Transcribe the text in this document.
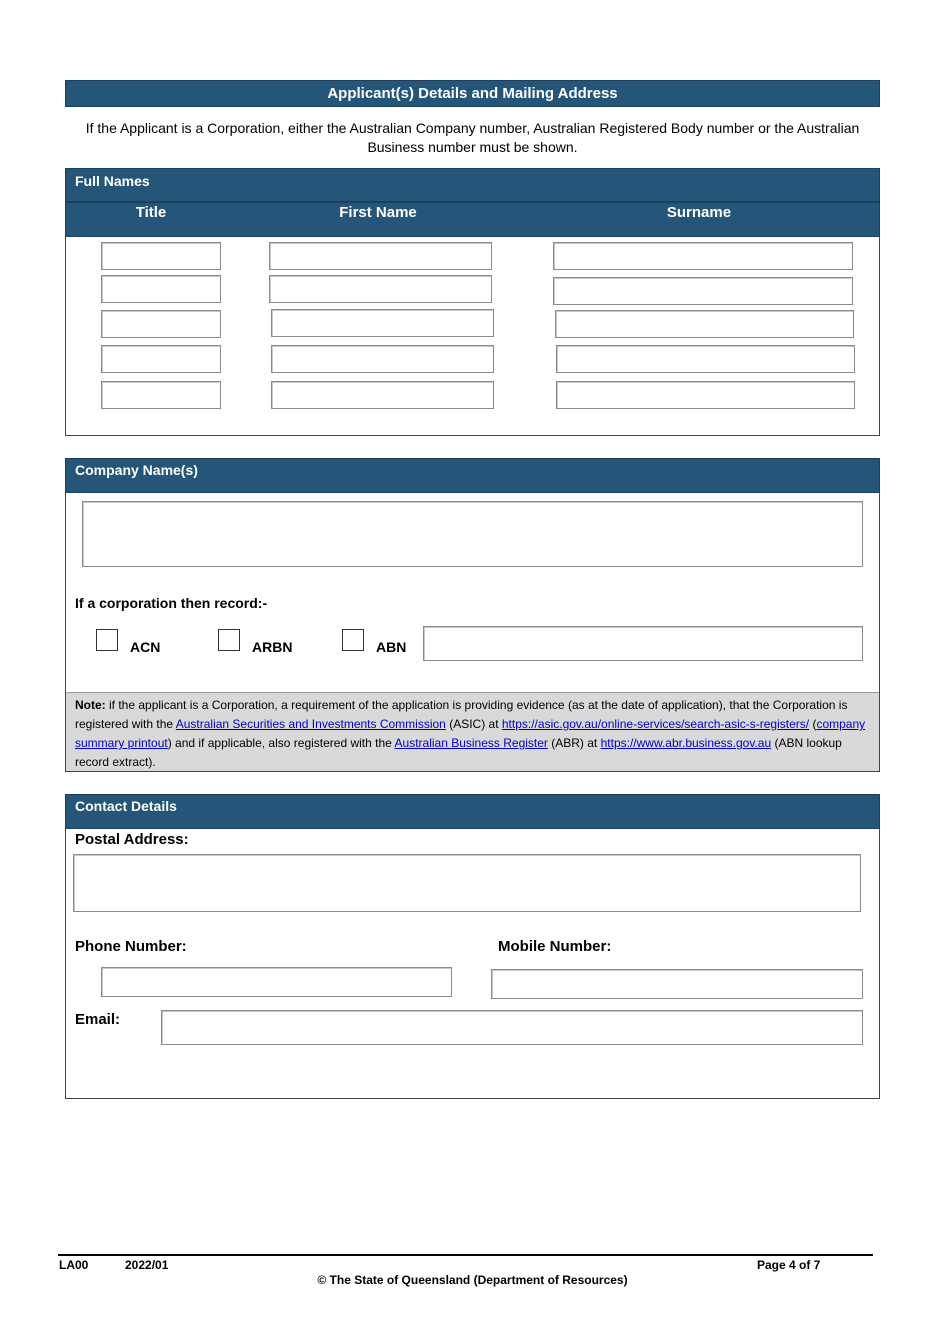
Applicant(s) Details and Mailing Address
If the Applicant is a Corporation, either the Australian Company number, Australian Registered Body number or the Australian Business number must be shown.
Full Names
Title	First Name	Surname
Company Name(s)
If a corporation then record:-
ACN	ARBN	ABN
Note: if the applicant is a Corporation, a requirement of the application is providing evidence (as at the date of application), that the Corporation is registered with the Australian Securities and Investments Commission (ASIC) at https://asic.gov.au/online-services/search-asic-s-registers/ (company summary printout) and if applicable, also registered with the Australian Business Register (ABR) at https://www.abr.business.gov.au (ABN lookup record extract).
Contact Details
Postal Address:
Phone Number:	Mobile Number:
Email:
LA00	2022/01	Page 4 of 7
© The State of Queensland (Department of Resources)
